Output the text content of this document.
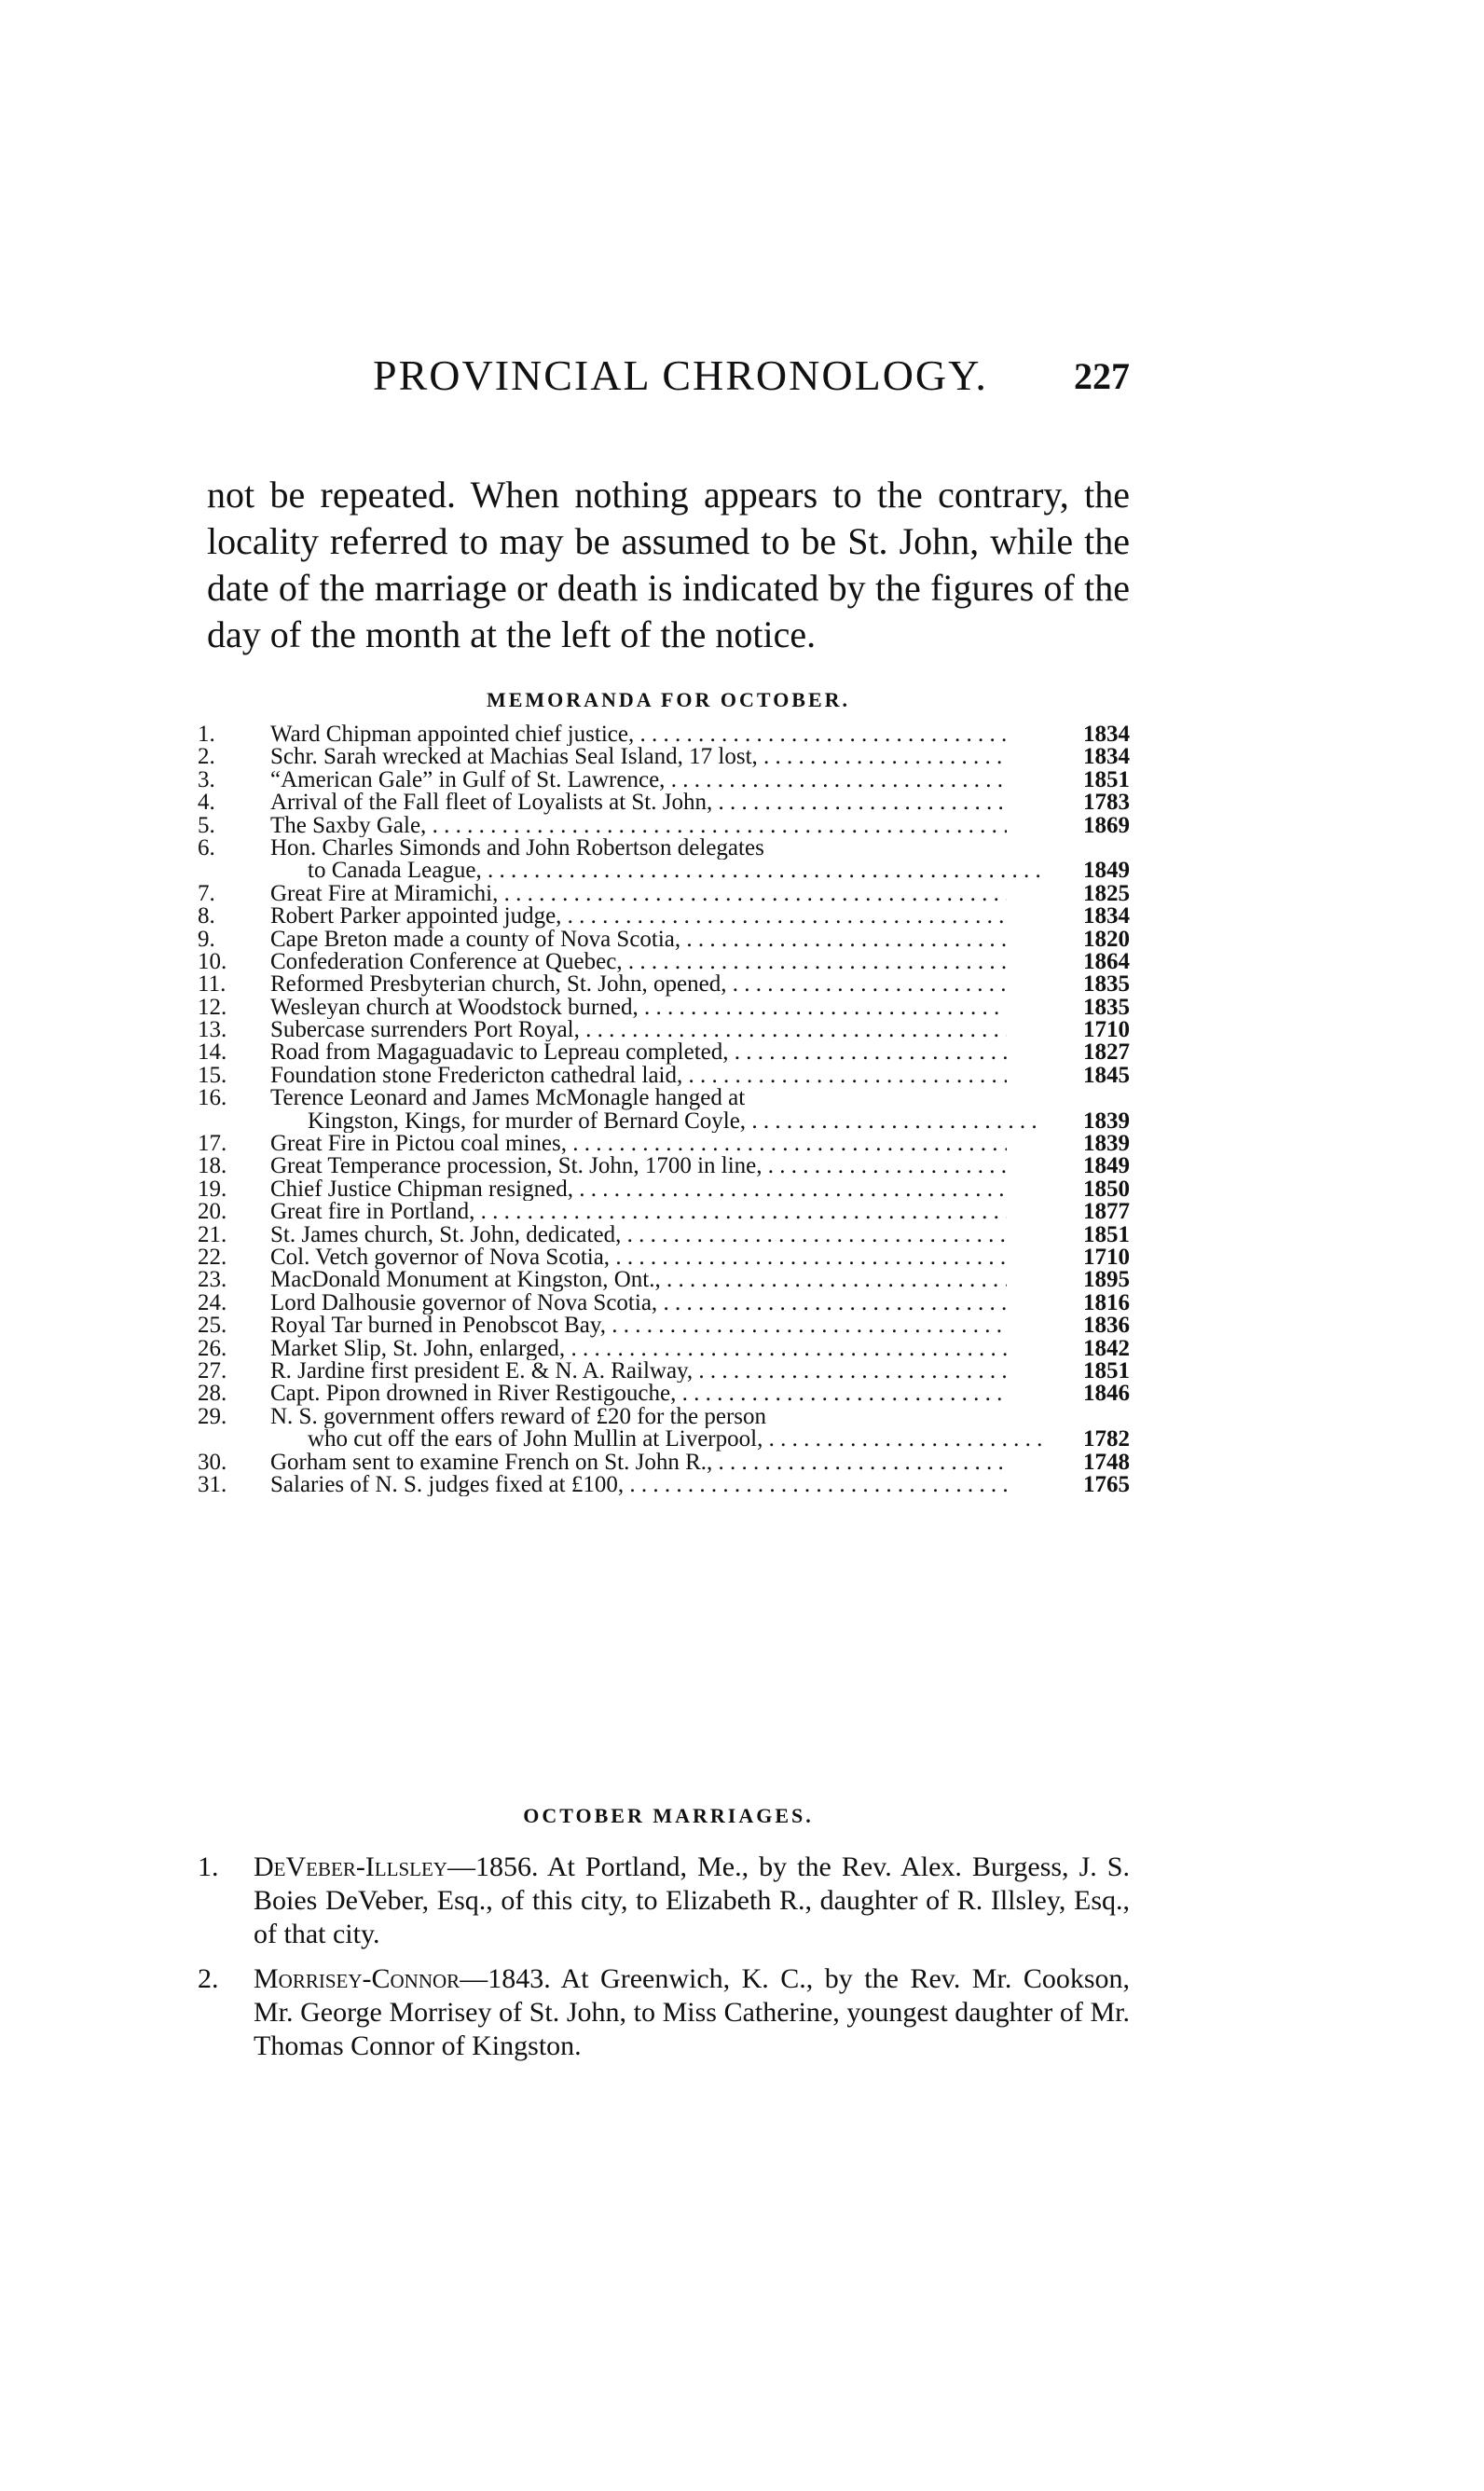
PROVINCIAL CHRONOLOGY. 227

not be repeated. When nothing appears to the contrary, the locality referred to may be assumed to be St. John, while the date of the marriage or death is indicated by the figures of the day of the month at the left of the notice.

MEMORANDA FOR OCTOBER.
1.	Ward Chipman appointed chief justice, . . .	1834
2.	Schr. Sarah wrecked at Machias Seal Island, 17 lost, . . .	1834
3.	“American Gale” in Gulf of St. Lawrence, . . .	1851
4.	Arrival of the Fall fleet of Loyalists at St. John, . . .	1783
5.	The Saxby Gale, . . .	1869
6.	Hon. Charles Simonds and John Robertson delegates
to Canada League, . . .	1849
7.	Great Fire at Miramichi, . . .	1825
8.	Robert Parker appointed judge, . . .	1834
9.	Cape Breton made a county of Nova Scotia, . . .	1820
10.	Confederation Conference at Quebec, . . .	1864
11.	Reformed Presbyterian church, St. John, opened, . . .	1835
12.	Wesleyan church at Woodstock burned, . . .	1835
13.	Subercase surrenders Port Royal, . . .	1710
14.	Road from Magaguadavic to Lepreau completed, . . .	1827
15.	Foundation stone Fredericton cathedral laid, . . .	1845
16.	Terence Leonard and James McMonagle hanged at
Kingston, Kings, for murder of Bernard Coyle, . . .	1839
17.	Great Fire in Pictou coal mines, . . .	1839
18.	Great Temperance procession, St. John, 1700 in line, . . .	1849
19.	Chief Justice Chipman resigned, . . .	1850
20.	Great fire in Portland, . . .	1877
21.	St. James church, St. John, dedicated, . . .	1851
22.	Col. Vetch governor of Nova Scotia, . . .	1710
23.	MacDonald Monument at Kingston, Ont., . . .	1895
24.	Lord Dalhousie governor of Nova Scotia, . . .	1816
25.	Royal Tar burned in Penobscot Bay, . . .	1836
26.	Market Slip, St. John, enlarged, . . .	1842
27.	R. Jardine first president E. & N. A. Railway, . . .	1851
28.	Capt. Pipon drowned in River Restigouche, . . .	1846
29.	N. S. government offers reward of £20 for the person
who cut off the ears of John Mullin at Liverpool, . . .	1782
30.	Gorham sent to examine French on St. John R., . . .	1748
31.	Salaries of N. S. judges fixed at £100, . . .	1765
OCTOBER MARRIAGES.
1. DeVeber-Illsley—1856. At Portland, Me., by the Rev. Alex. Burgess, J. S. Boies DeVeber, Esq., of this city, to Elizabeth R., daughter of R. Illsley, Esq., of that city.
2. Morrisey-Connor—1843. At Greenwich, K. C., by the Rev. Mr. Cookson, Mr. George Morrisey of St. John, to Miss Catherine, youngest daughter of Mr. Thomas Connor of Kingston.
